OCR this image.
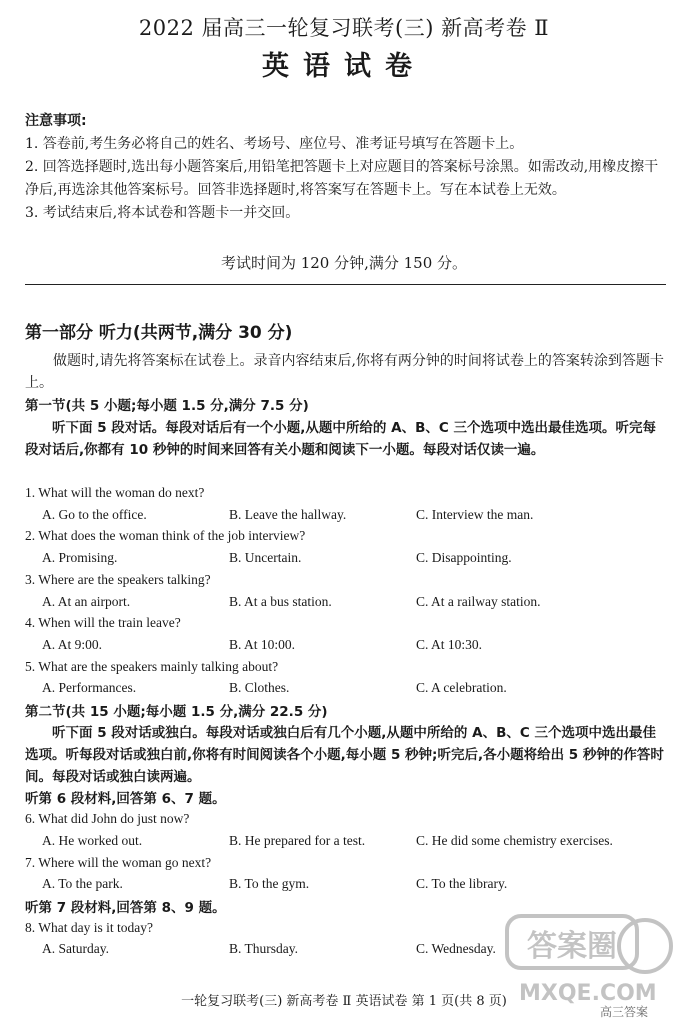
2022 届高三一轮复习联考(三) 新高考卷 Ⅱ
英语试卷
注意事项:
1. 答卷前,考生务必将自己的姓名、考场号、座位号、准考证号填写在答题卡上。
2. 回答选择题时,选出每小题答案后,用铅笔把答题卡上对应题目的答案标号涂黑。如需改动,用橡皮擦干净后,再选涂其他答案标号。回答非选择题时,将答案写在答题卡上。写在本试卷上无效。
3. 考试结束后,将本试卷和答题卡一并交回。
考试时间为 120 分钟,满分 150 分。
第一部分 听力(共两节,满分 30 分)
做题时,请先将答案标在试卷上。录音内容结束后,你将有两分钟的时间将试卷上的答案转涂到答题卡上。
第一节(共 5 小题;每小题 1.5 分,满分 7.5 分)
听下面 5 段对话。每段对话后有一个小题,从题中所给的 A、B、C 三个选项中选出最佳选项。听完每段对话后,你都有 10 秒钟的时间来回答有关小题和阅读下一小题。每段对话仅读一遍。
1. What will the woman do next?
A. Go to the office.	B. Leave the hallway.	C. Interview the man.
2. What does the woman think of the job interview?
A. Promising.	B. Uncertain.	C. Disappointing.
3. Where are the speakers talking?
A. At an airport.	B. At a bus station.	C. At a railway station.
4. When will the train leave?
A. At 9:00.	B. At 10:00.	C. At 10:30.
5. What are the speakers mainly talking about?
A. Performances.	B. Clothes.	C. A celebration.
第二节(共 15 小题;每小题 1.5 分,满分 22.5 分)
听下面 5 段对话或独白。每段对话或独白后有几个小题,从题中所给的 A、B、C 三个选项中选出最佳选项。听每段对话或独白前,你将有时间阅读各个小题,每小题 5 秒钟;听完后,各小题将给出 5 秒钟的作答时间。每段对话或独白读两遍。
听第 6 段材料,回答第 6、7 题。
6. What did John do just now?
A. He worked out.	B. He prepared for a test.	C. He did some chemistry exercises.
7. Where will the woman go next?
A. To the park.	B. To the gym.	C. To the library.
听第 7 段材料,回答第 8、9 题。
8. What day is it today?
A. Saturday.	B. Thursday.	C. Wednesday.
一轮复习联考(三) 新高考卷 Ⅱ 英语试卷 第 1 页(共 8 页)
答案圈
MXQE.COM
高三答案
